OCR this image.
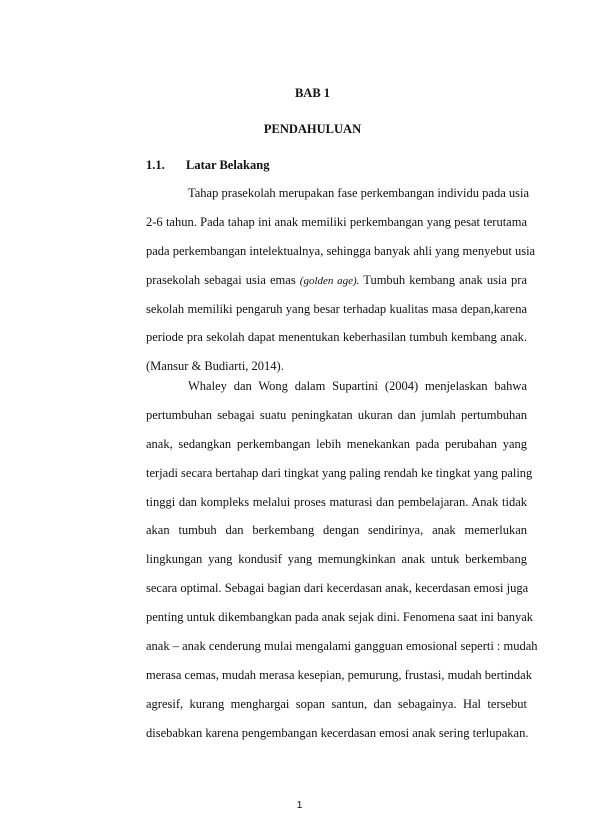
BAB 1
PENDAHULUAN
1.1. Latar Belakang
Tahap prasekolah merupakan fase perkembangan individu pada usia
2-6 tahun. Pada tahap ini anak memiliki perkembangan yang pesat terutama
pada perkembangan intelektualnya, sehingga banyak ahli yang menyebut usia
prasekolah sebagai usia emas (golden age). Tumbuh kembang anak usia pra
sekolah memiliki pengaruh yang besar terhadap kualitas masa depan,karena
periode pra sekolah dapat menentukan keberhasilan tumbuh kembang anak.
(Mansur & Budiarti, 2014).
Whaley dan Wong dalam Supartini (2004) menjelaskan bahwa
pertumbuhan sebagai suatu peningkatan ukuran dan jumlah pertumbuhan
anak, sedangkan perkembangan lebih menekankan pada perubahan yang
terjadi secara bertahap dari tingkat yang paling rendah ke tingkat yang paling
tinggi dan kompleks melalui proses maturasi dan pembelajaran. Anak tidak
akan tumbuh dan berkembang dengan sendirinya, anak memerlukan
lingkungan yang kondusif yang memungkinkan anak untuk berkembang
secara optimal. Sebagai bagian dari kecerdasan anak, kecerdasan emosi juga
penting untuk dikembangkan pada anak sejak dini. Fenomena saat ini banyak
anak – anak cenderung mulai mengalami gangguan emosional seperti : mudah
merasa cemas, mudah merasa kesepian, pemurung, frustasi, mudah bertindak
agresif, kurang menghargai sopan santun, dan sebagainya. Hal tersebut
disebabkan karena pengembangan kecerdasan emosi anak sering terlupakan.
1
